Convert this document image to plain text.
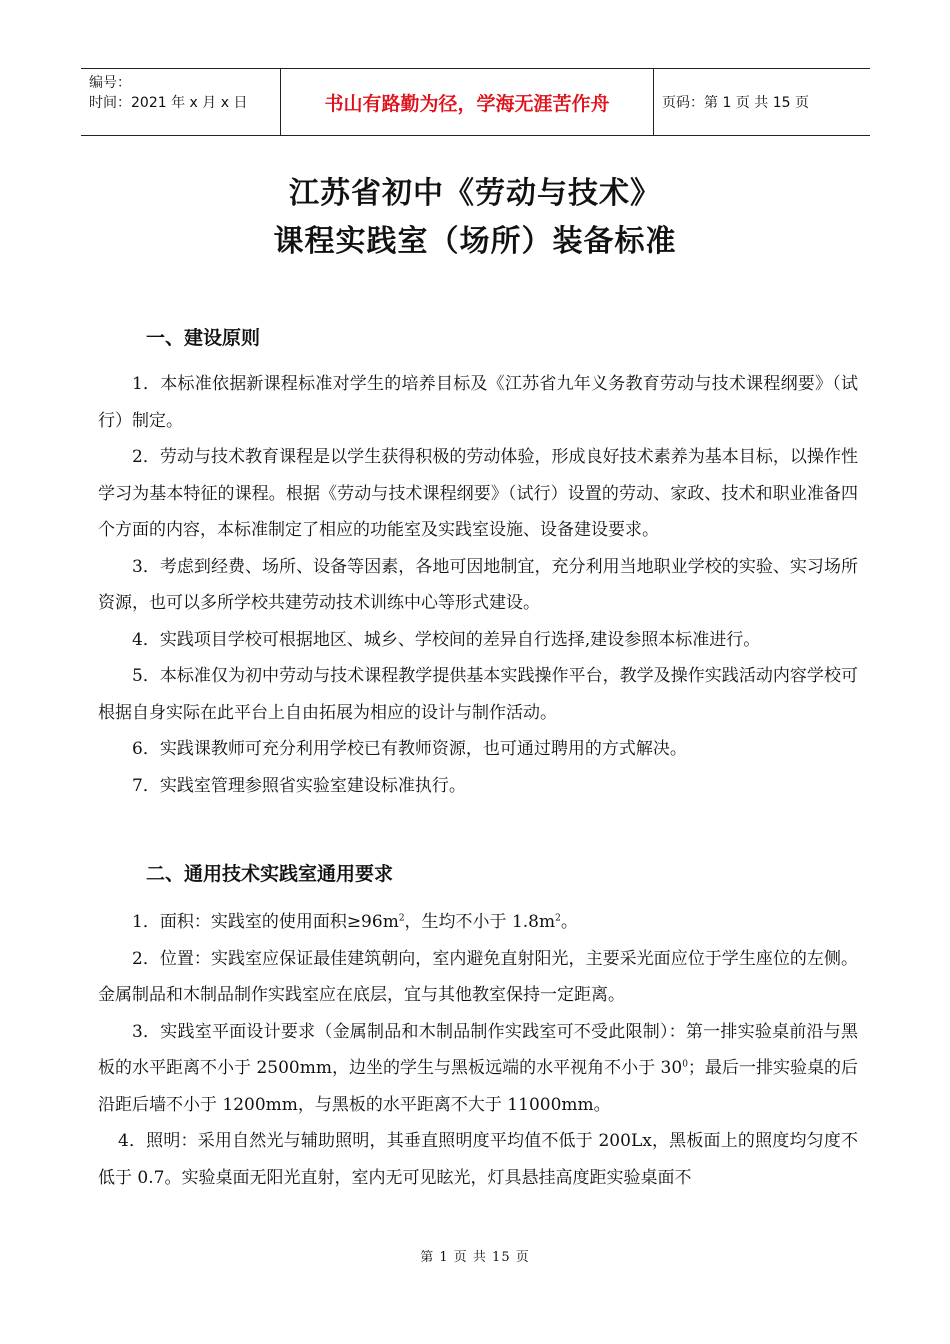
编号：
时间：2021 年 x 月 x 日	书山有路勤为径，学海无涯苦作舟	页码：第 1 页 共 15 页
江苏省初中《劳动与技术》
课程实践室（场所）装备标准
一、建设原则

1．本标准依据新课程标准对学生的培养目标及《江苏省九年义务教育劳动与技术课程纲要》（试行）制定。

2．劳动与技术教育课程是以学生获得积极的劳动体验，形成良好技术素养为基本目标，以操作性学习为基本特征的课程。根据《劳动与技术课程纲要》（试行）设置的劳动、家政、技术和职业准备四个方面的内容，本标准制定了相应的功能室及实践室设施、设备建设要求。

3．考虑到经费、场所、设备等因素，各地可因地制宜，充分利用当地职业学校的实验、实习场所资源，也可以多所学校共建劳动技术训练中心等形式建设。

4．实践项目学校可根据地区、城乡、学校间的差异自行选择,建设参照本标准进行。

5．本标准仅为初中劳动与技术课程教学提供基本实践操作平台，教学及操作实践活动内容学校可根据自身实际在此平台上自由拓展为相应的设计与制作活动。

6．实践课教师可充分利用学校已有教师资源，也可通过聘用的方式解决。

7．实践室管理参照省实验室建设标准执行。

二、通用技术实践室通用要求

1．面积：实践室的使用面积$\ge 96m^2$，生均不小于 $1.8m^2$。

2．位置：实践室应保证最佳建筑朝向，室内避免直射阳光，主要采光面应位于学生座位的左侧。金属制品和木制品制作实践室应在底层，宜与其他教室保持一定距离。

3．实践室平面设计要求（金属制品和木制品制作实践室可不受此限制）：第一排实验桌前沿与黑板的水平距离不小于 2500mm，边坐的学生与黑板远端的水平视角不小于 $30^0$；最后一排实验桌的后沿距后墙不小于 1200mm，与黑板的水平距离不大于 11000mm。

4．照明：采用自然光与辅助照明，其垂直照明度平均值不低于 200Lx，黑板面上的照度均匀度不低于 0.7。实验桌面无阳光直射，室内无可见眩光，灯具悬挂高度距实验桌面不

第 1 页 共 15 页
